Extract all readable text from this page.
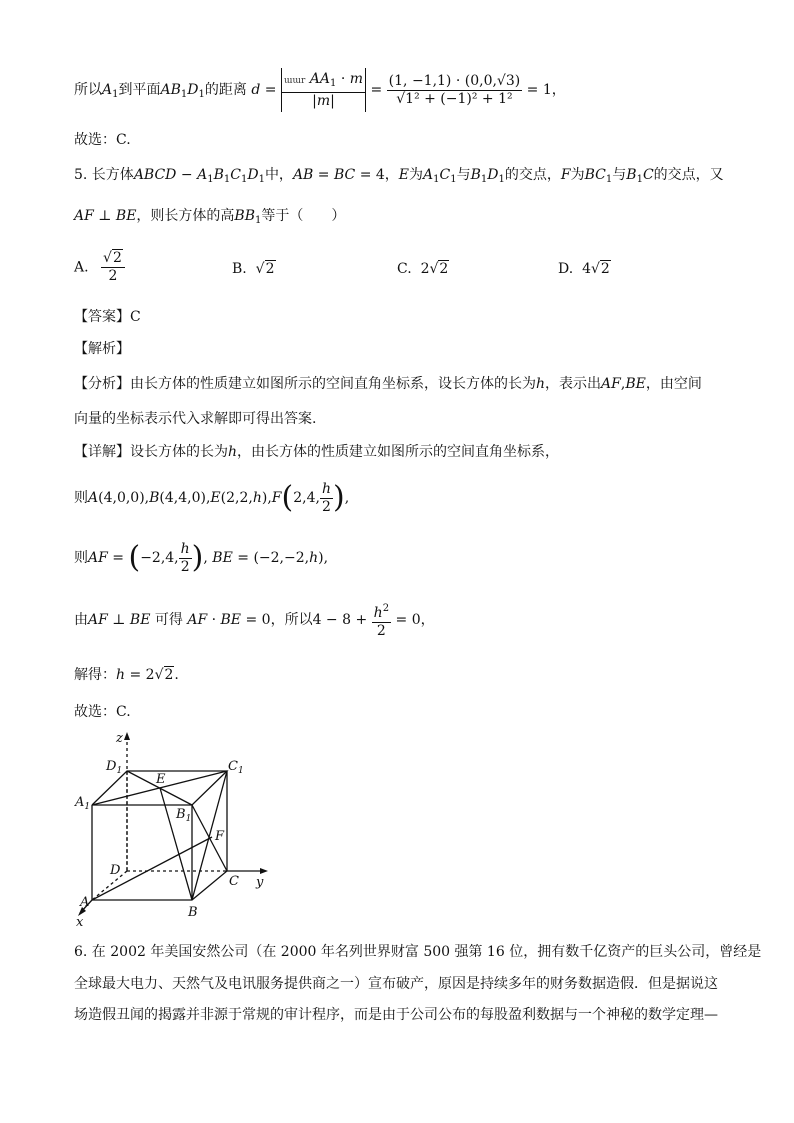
所以$A_1$到平面$AB_1D_1$的距离 $d = \frac{ɯɯr AA_1 \cdot m}{|m|} = \frac{(1, -1,1) \cdot (0,0,√3)}{\text{√1² + (−1)² + 1²}} = 1$，
故选：C.
5. 长方体ABCD − $A_1B_1C_1D_1$中，AB = BC = 4，E为$A_1C_1$与$B_1D_1$的交点，F为$BC_1$与$B_1C$的交点，又
AF ⊥ BE，则长方体的高$BB_1$等于（　　）
A. $\frac{√2}{2}$	B.  √2	C.  2√2	D.  4√2
【答案】C
【解析】
【分析】由长方体的性质建立如图所示的空间直角坐标系，设长方体的长为h，表示出AF,BE，由空间
向量的坐标表示代入求解即可得出答案.
【详解】设长方体的长为h，由长方体的性质建立如图所示的空间直角坐标系，
则A(4,0,0),B(4,4,0),E(2,2,h),F(2,4, $\frac{h}{2}$ ),
则AF = (−2,4, $\frac{h}{2}$ ), BE = (−2,−2,h),
由AF ⊥ BE 可得 AF · BE = 0，所以$4 - 8 + \frac{h^2}{2} = 0$，
解得：h = 2√2.
故选：C.
z
y
x
$D_1$	$C_1$
$A_1$	$B_1$
E
F
D
C
A
B
6. 在 2002 年美国安然公司（在 2000 年名列世界财富 500 强第 16 位，拥有数千亿资产的巨头公司，曾经是
全球最大电力、天然气及电讯服务提供商之一）宣布破产，原因是持续多年的财务数据造假．但是据说这
场造假丑闻的揭露并非源于常规的审计程序，而是由于公司公布的每股盈利数据与一个神秘的数学定理—
